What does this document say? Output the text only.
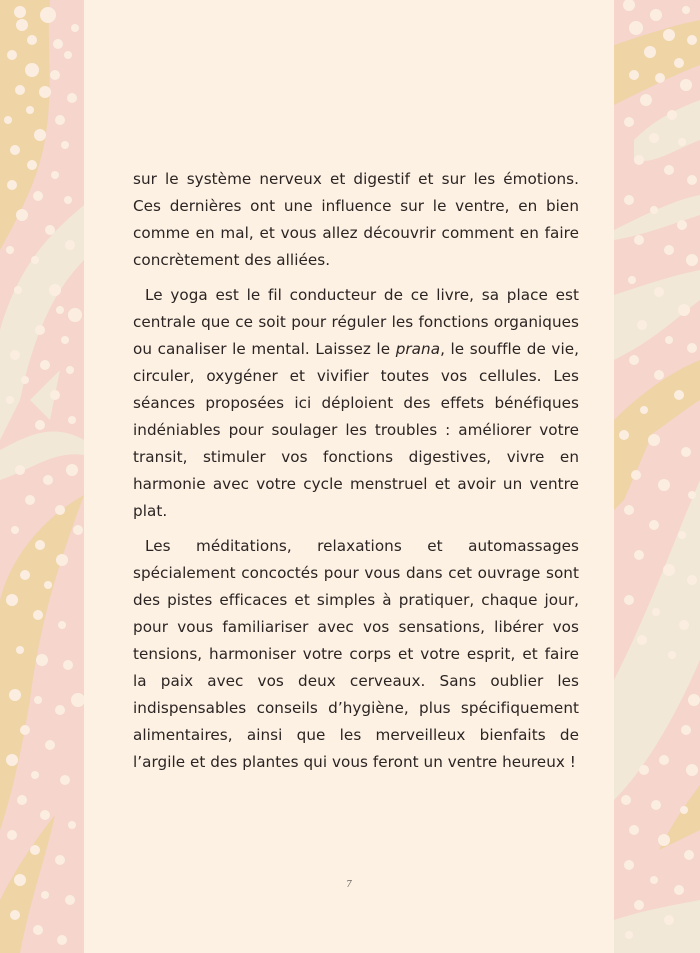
sur le système nerveux et digestif et sur les émotions. Ces dernières ont une influence sur le ventre, en bien comme en mal, et vous allez découvrir comment en faire concrètement des alliées.

Le yoga est le fil conducteur de ce livre, sa place est centrale que ce soit pour réguler les fonctions organiques ou canaliser le mental. Laissez le prana, le souffle de vie, circuler, oxygéner et vivifier toutes vos cellules. Les séances proposées ici déploient des effets bénéfiques indéniables pour soulager les troubles : améliorer votre transit, stimuler vos fonctions digestives, vivre en harmonie avec votre cycle menstruel et avoir un ventre plat.

Les méditations, relaxations et automassages spécialement concoctés pour vous dans cet ouvrage sont des pistes efficaces et simples à pratiquer, chaque jour, pour vous familiariser avec vos sensations, libérer vos tensions, harmoniser votre corps et votre esprit, et faire la paix avec vos deux cerveaux. Sans oublier les indispensables conseils d’hygiène, plus spécifiquement alimentaires, ainsi que les merveilleux bienfaits de l’argile et des plantes qui vous feront un ventre heureux !

7
